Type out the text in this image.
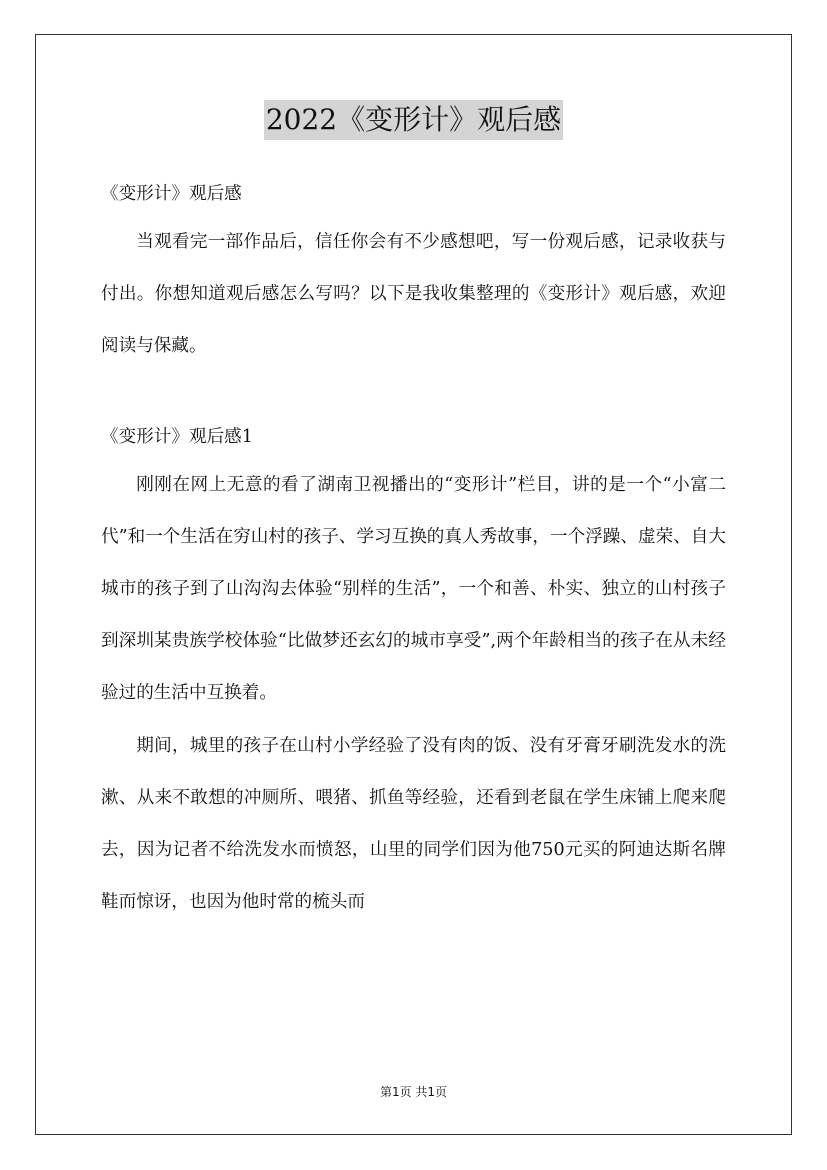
2022《变形计》观后感

《变形计》观后感

当观看完一部作品后，信任你会有不少感想吧，写一份观后感，记录收获与付出。你想知道观后感怎么写吗？以下是我收集整理的《变形计》观后感，欢迎阅读与保藏。

《变形计》观后感1

刚刚在网上无意的看了湖南卫视播出的“变形计”栏目，讲的是一个“小富二代”和一个生活在穷山村的孩子、学习互换的真人秀故事，一个浮躁、虚荣、自大城市的孩子到了山沟沟去体验“别样的生活”，一个和善、朴实、独立的山村孩子到深圳某贵族学校体验“比做梦还玄幻的城市享受”,两个年龄相当的孩子在从未经验过的生活中互换着。

期间，城里的孩子在山村小学经验了没有肉的饭、没有牙膏牙刷洗发水的洗漱、从来不敢想的冲厕所、喂猪、抓鱼等经验，还看到老鼠在学生床铺上爬来爬去，因为记者不给洗发水而愤怒，山里的同学们因为他750元买的阿迪达斯名牌鞋而惊讶，也因为他时常的梳头而

第1页 共1页
